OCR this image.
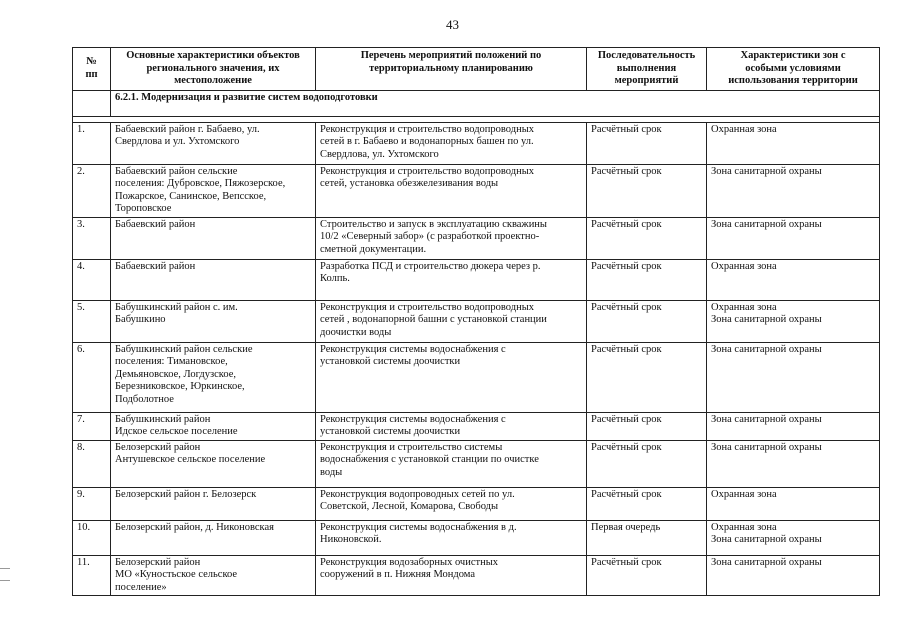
43
№
пп	Основные характеристики объектов
регионального значения, их
местоположение	Перечень мероприятий положений по
территориальному планированию	Последовательность
выполнения
мероприятий	Характеристики зон с
особыми условиями
использования территории

	6.2.1. Модернизация и развитие систем водоподготовки			

1.	Бабаевский район г. Бабаево, ул.
Свердлова и ул. Ухтомского	Реконструкция и строительство водопроводных
сетей в г. Бабаево и водонапорных башен по ул.
Свердлова, ул. Ухтомского	Расчётный срок	Охранная зона

2.	Бабаевский район сельские
поселения: Дубровское, Пяжозерское,
Пожарское, Санинское, Вепсское,
Тороповское	Реконструкция и строительство водопроводных
сетей, установка обезжелезивания воды	Расчётный срок	Зона санитарной охраны

3.	Бабаевский район	Строительство и запуск в эксплуатацию скважины
10/2 «Северный забор» (с разработкой проектно-
сметной документации.	Расчётный срок	Зона санитарной охраны

4.	Бабаевский район	Разработка ПСД и строительство дюкера через р.
Колпь.	Расчётный срок	Охранная зона

5.	Бабушкинский район с. им.
Бабушкино	Реконструкция и строительство водопроводных
сетей , водонапорной башни с установкой станции
доочистки воды	Расчётный срок	Охранная зона
Зона санитарной охраны

6.	Бабушкинский район сельские
поселения: Тимановское,
Демьяновское, Логдузское,
Березниковское, Юркинское,
Подболотное	Реконструкция системы водоснабжения с
установкой системы доочистки	Расчётный срок	Зона санитарной охраны

7.	Бабушкинский район
Идское сельское поселение	Реконструкция системы водоснабжения с
установкой системы доочистки	Расчётный срок	Зона санитарной охраны

8.	Белозерский район
Антушевское сельское поселение	Реконструкция и строительство системы
водоснабжения с установкой станции по очистке
воды	Расчётный срок	Зона санитарной охраны

9.	Белозерский район г. Белозерск	Реконструкция водопроводных сетей по ул.
Советской, Лесной, Комарова, Свободы	Расчётный срок	Охранная зона

10.	Белозерский район, д. Никоновская	Реконструкция системы водоснабжения в д.
Никоновской.	Первая очередь	Охранная зона
Зона санитарной охраны

11.	Белозерский район
МО «Куностьское сельское
поселение»	Реконструкция водозаборных очистных
сооружений в п. Нижняя Мондома	Расчётный срок	Зона санитарной охраны
